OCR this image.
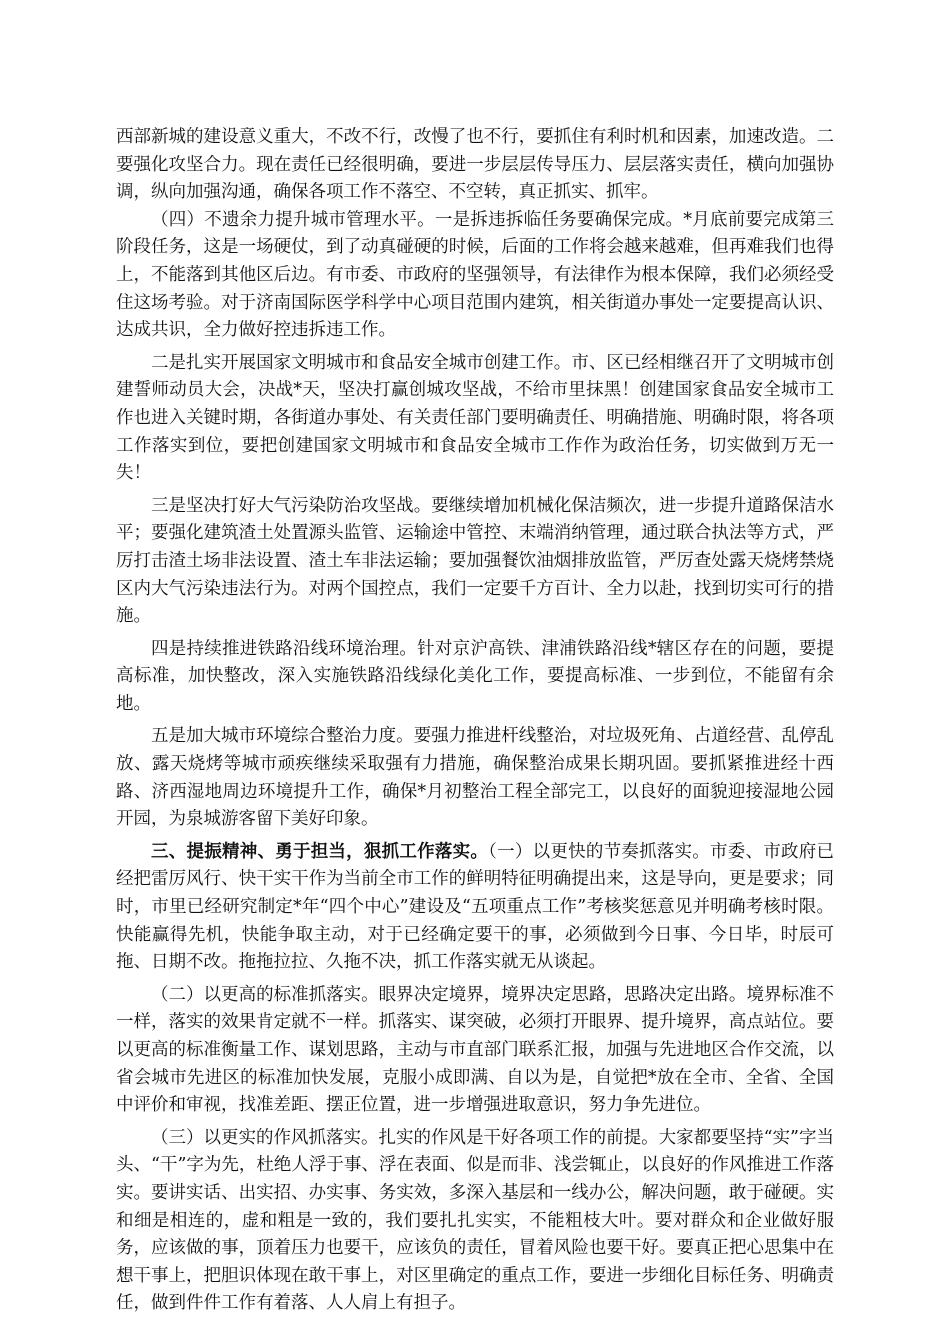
西部新城的建设意义重大，不改不行，改慢了也不行，要抓住有利时机和因素，加速改造。二要强化攻坚合力。现在责任已经很明确，要进一步层层传导压力、层层落实责任，横向加强协调，纵向加强沟通，确保各项工作不落空、不空转，真正抓实、抓牢。

（四）不遗余力提升城市管理水平。一是拆违拆临任务要确保完成。*月底前要完成第三阶段任务，这是一场硬仗，到了动真碰硬的时候，后面的工作将会越来越难，但再难我们也得上，不能落到其他区后边。有市委、市政府的坚强领导，有法律作为根本保障，我们必须经受住这场考验。对于济南国际医学科学中心项目范围内建筑，相关街道办事处一定要提高认识、达成共识，全力做好控违拆违工作。

二是扎实开展国家文明城市和食品安全城市创建工作。市、区已经相继召开了文明城市创建誓师动员大会，决战*天，坚决打赢创城攻坚战，不给市里抹黑！创建国家食品安全城市工作也进入关键时期，各街道办事处、有关责任部门要明确责任、明确措施、明确时限，将各项工作落实到位，要把创建国家文明城市和食品安全城市工作作为政治任务，切实做到万无一失！

三是坚决打好大气污染防治攻坚战。要继续增加机械化保洁频次，进一步提升道路保洁水平；要强化建筑渣土处置源头监管、运输途中管控、末端消纳管理，通过联合执法等方式，严厉打击渣土场非法设置、渣土车非法运输；要加强餐饮油烟排放监管，严厉查处露天烧烤禁烧区内大气污染违法行为。对两个国控点，我们一定要千方百计、全力以赴，找到切实可行的措施。

四是持续推进铁路沿线环境治理。针对京沪高铁、津浦铁路沿线*辖区存在的问题，要提高标准，加快整改，深入实施铁路沿线绿化美化工作，要提高标准、一步到位，不能留有余地。

五是加大城市环境综合整治力度。要强力推进杆线整治，对垃圾死角、占道经营、乱停乱放、露天烧烤等城市顽疾继续采取强有力措施，确保整治成果长期巩固。要抓紧推进经十西路、济西湿地周边环境提升工作，确保*月初整治工程全部完工，以良好的面貌迎接湿地公园开园，为泉城游客留下美好印象。

三、提振精神、勇于担当，狠抓工作落实。（一）以更快的节奏抓落实。市委、市政府已经把雷厉风行、快干实干作为当前全市工作的鲜明特征明确提出来，这是导向，更是要求；同时，市里已经研究制定*年“四个中心”建设及“五项重点工作”考核奖惩意见并明确考核时限。快能赢得先机，快能争取主动，对于已经确定要干的事，必须做到今日事、今日毕，时辰可拖、日期不改。拖拖拉拉、久拖不决，抓工作落实就无从谈起。

（二）以更高的标准抓落实。眼界决定境界，境界决定思路，思路决定出路。境界标准不一样，落实的效果肯定就不一样。抓落实、谋突破，必须打开眼界、提升境界，高点站位。要以更高的标准衡量工作、谋划思路，主动与市直部门联系汇报，加强与先进地区合作交流，以省会城市先进区的标准加快发展，克服小成即满、自以为是，自觉把*放在全市、全省、全国中评价和审视，找准差距、摆正位置，进一步增强进取意识，努力争先进位。

（三）以更实的作风抓落实。扎实的作风是干好各项工作的前提。大家都要坚持“实”字当头、“干”字为先，杜绝人浮于事、浮在表面、似是而非、浅尝辄止，以良好的作风推进工作落实。要讲实话、出实招、办实事、务实效，多深入基层和一线办公，解决问题，敢于碰硬。实和细是相连的，虚和粗是一致的，我们要扎扎实实，不能粗枝大叶。要对群众和企业做好服务，应该做的事，顶着压力也要干，应该负的责任，冒着风险也要干好。要真正把心思集中在想干事上，把胆识体现在敢干事上，对区里确定的重点工作，要进一步细化目标任务、明确责任，做到件件工作有着落、人人肩上有担子。
